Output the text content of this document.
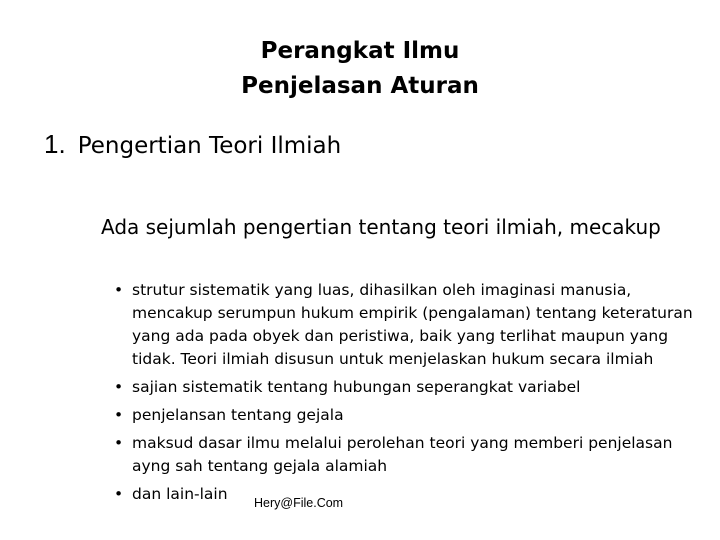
Perangkat Ilmu
Penjelasan Aturan
1. Pengertian Teori Ilmiah

Ada sejumlah pengertian tentang teori ilmiah, mecakup

• strutur sistematik yang luas, dihasilkan oleh imaginasi manusia, mencakup serumpun hukum empirik (pengalaman) tentang keteraturan yang ada pada obyek dan peristiwa, baik yang terlihat maupun yang tidak. Teori ilmiah disusun untuk menjelaskan hukum secara ilmiah
• sajian sistematik tentang hubungan seperangkat variabel
• penjelansan tentang gejala
• maksud dasar ilmu melalui perolehan teori yang memberi penjelasan ayng sah tentang gejala alamiah
• dan lain-lain	Hery@File.Com
